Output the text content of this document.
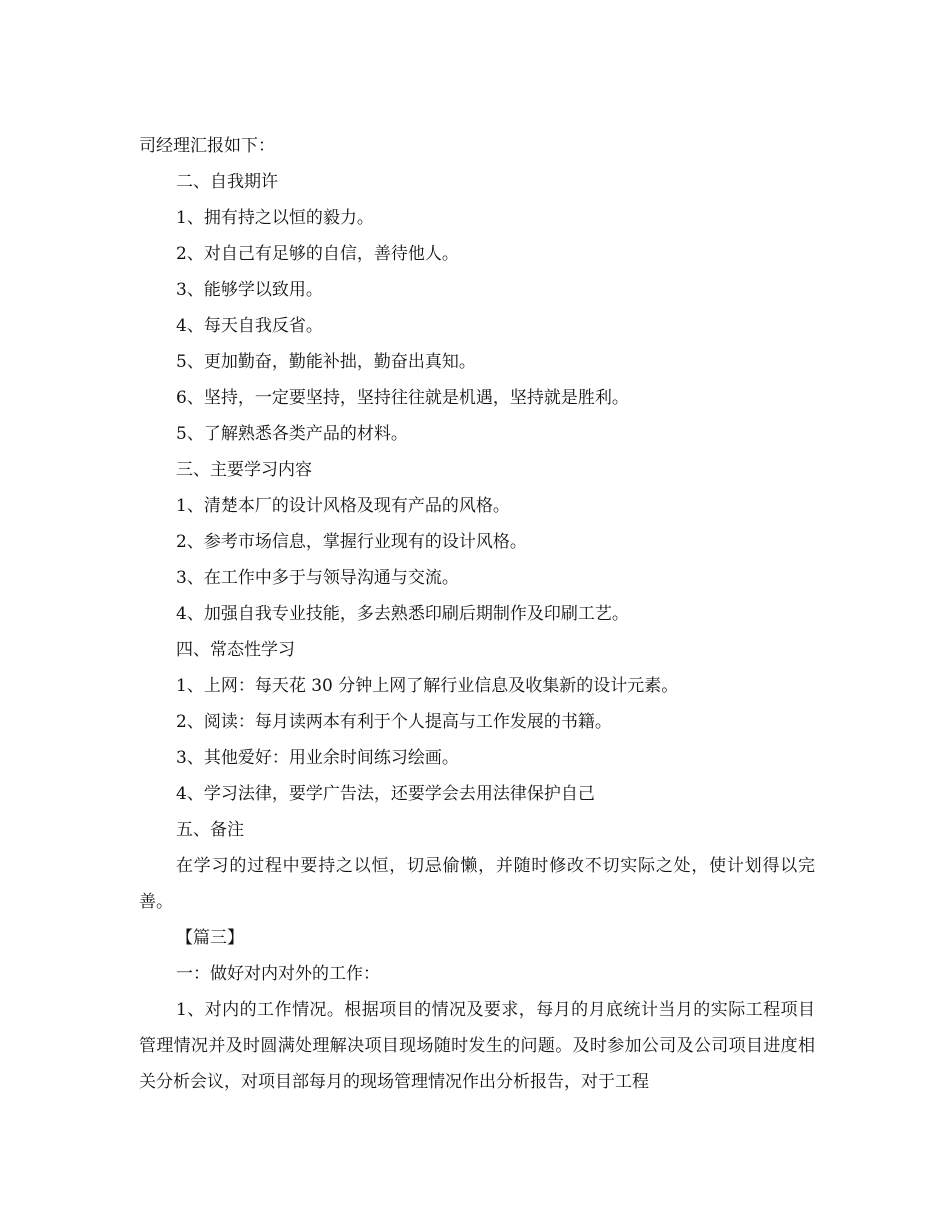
司经理汇报如下：

二、自我期许

1、拥有持之以恒的毅力。

2、对自己有足够的自信，善待他人。

3、能够学以致用。

4、每天自我反省。

5、更加勤奋，勤能补拙，勤奋出真知。

6、坚持，一定要坚持，坚持往往就是机遇，坚持就是胜利。

5、了解熟悉各类产品的材料。

三、主要学习内容

1、清楚本厂的设计风格及现有产品的风格。

2、参考市场信息，掌握行业现有的设计风格。

3、在工作中多于与领导沟通与交流。

4、加强自我专业技能，多去熟悉印刷后期制作及印刷工艺。

四、常态性学习

1、上网：每天花 30 分钟上网了解行业信息及收集新的设计元素。

2、阅读：每月读两本有利于个人提高与工作发展的书籍。

3、其他爱好：用业余时间练习绘画。

4、学习法律，要学广告法，还要学会去用法律保护自己

五、备注

在学习的过程中要持之以恒，切忌偷懒，并随时修改不切实际之处，使计划得以完善。

【篇三】

一：做好对内对外的工作：

1、对内的工作情况。根据项目的情况及要求，每月的月底统计当月的实际工程项目管理情况并及时圆满处理解决项目现场随时发生的问题。及时参加公司及公司项目进度相关分析会议，对项目部每月的现场管理情况作出分析报告，对于工程
